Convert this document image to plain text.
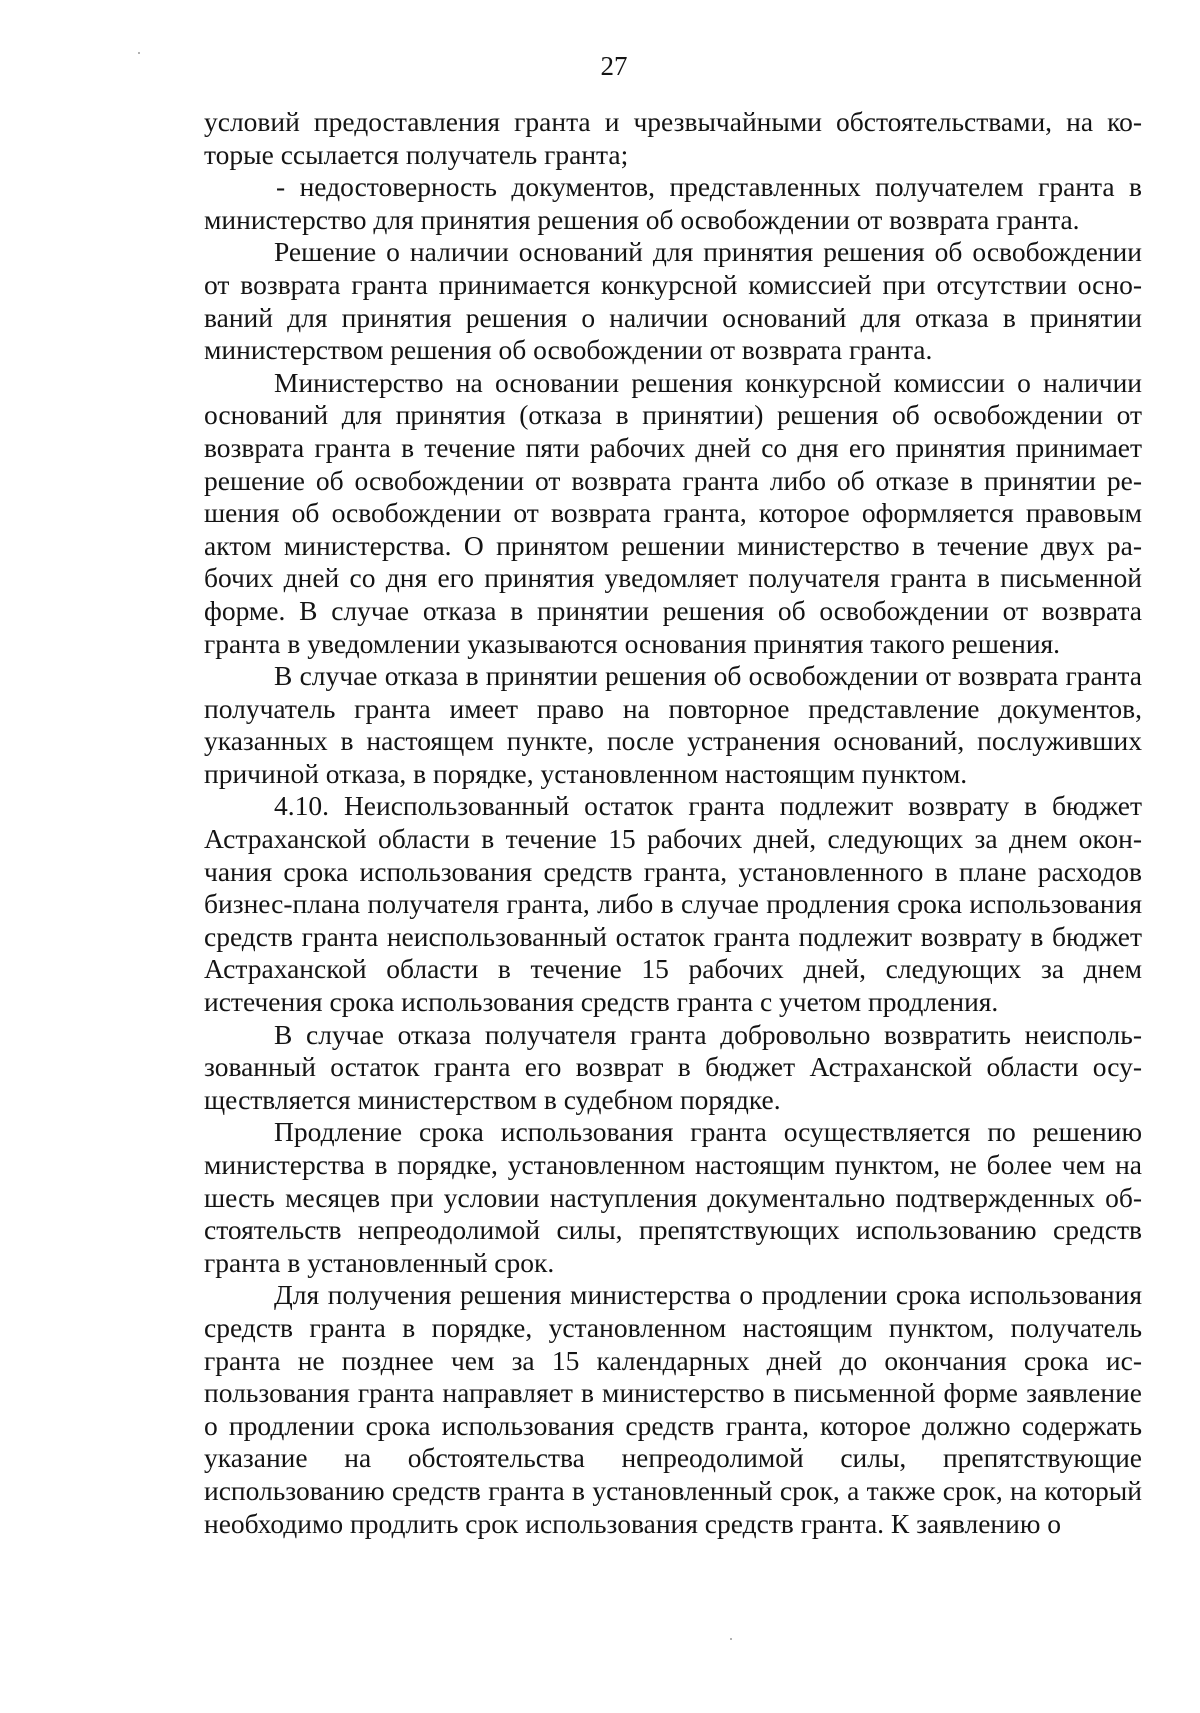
27

условий предоставления гранта и чрезвычайными обстоятельствами, на которые ссылается получатель гранта;

- недостоверность документов, представленных получателем гранта в министерство для принятия решения об освобождении от возврата гранта.

Решение о наличии оснований для принятия решения об освобождении от возврата гранта принимается конкурсной комиссией при отсутствии оснований для принятия решения о наличии оснований для отказа в принятии министерством решения об освобождении от возврата гранта.

Министерство на основании решения конкурсной комиссии о наличии оснований для принятия (отказа в принятии) решения об освобождении от возврата гранта в течение пяти рабочих дней со дня его принятия принимает решение об освобождении от возврата гранта либо об отказе в принятии решения об освобождении от возврата гранта, которое оформляется правовым актом министерства. О принятом решении министерство в течение двух рабочих дней со дня его принятия уведомляет получателя гранта в письменной форме. В случае отказа в принятии решения об освобождении от возврата гранта в уведомлении указываются основания принятия такого решения.

В случае отказа в принятии решения об освобождении от возврата гранта получатель гранта имеет право на повторное представление документов, указанных в настоящем пункте, после устранения оснований, послуживших причиной отказа, в порядке, установленном настоящим пунктом.

4.10. Неиспользованный остаток гранта подлежит возврату в бюджет Астраханской области в течение 15 рабочих дней, следующих за днем окончания срока использования средств гранта, установленного в плане расходов бизнес-плана получателя гранта, либо в случае продления срока использования средств гранта неиспользованный остаток гранта подлежит возврату в бюджет Астраханской области в течение 15 рабочих дней, следующих за днем истечения срока использования средств гранта с учетом продления.

В случае отказа получателя гранта добровольно возвратить неиспользованный остаток гранта его возврат в бюджет Астраханской области осуществляется министерством в судебном порядке.

Продление срока использования гранта осуществляется по решению министерства в порядке, установленном настоящим пунктом, не более чем на шесть месяцев при условии наступления документально подтвержденных обстоятельств непреодолимой силы, препятствующих использованию средств гранта в установленный срок.

Для получения решения министерства о продлении срока использования средств гранта в порядке, установленном настоящим пунктом, получатель гранта не позднее чем за 15 календарных дней до окончания срока использования гранта направляет в министерство в письменной форме заявление о продлении срока использования средств гранта, которое должно содержать указание на обстоятельства непреодолимой силы, препятствующие использованию средств гранта в установленный срок, а также срок, на который необходимо продлить срок использования средств гранта. К заявлению о
